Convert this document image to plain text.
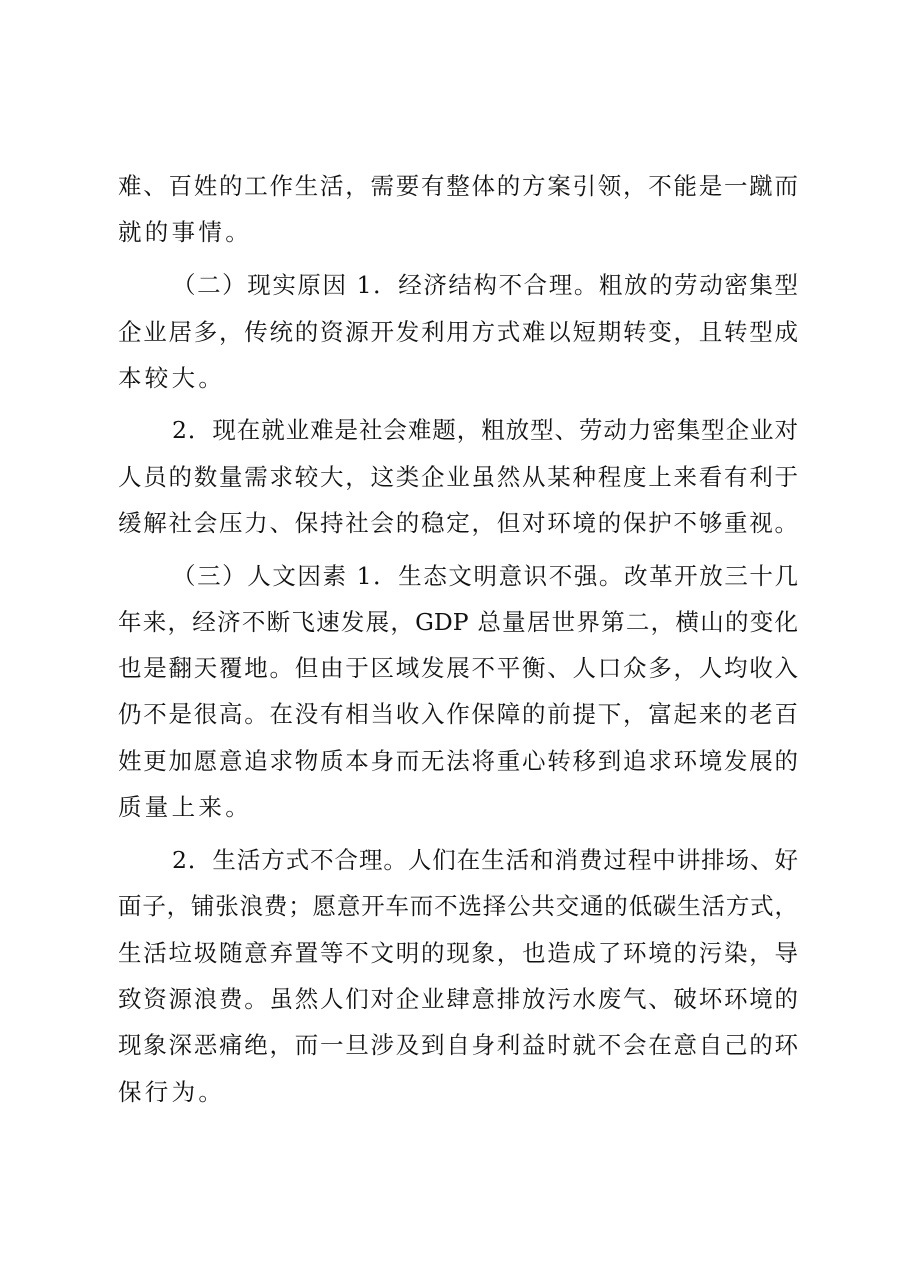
难、百姓的工作生活，需要有整体的方案引领，不能是一蹴而
就的事情。
（二）现实原因 1．经济结构不合理。粗放的劳动密集型
企业居多，传统的资源开发利用方式难以短期转变，且转型成
本较大。
2．现在就业难是社会难题，粗放型、劳动力密集型企业对
人员的数量需求较大，这类企业虽然从某种程度上来看有利于
缓解社会压力、保持社会的稳定，但对环境的保护不够重视。
（三）人文因素 1．生态文明意识不强。改革开放三十几
年来，经济不断飞速发展，GDP 总量居世界第二，横山的变化
也是翻天覆地。但由于区域发展不平衡、人口众多，人均收入
仍不是很高。在没有相当收入作保障的前提下，富起来的老百
姓更加愿意追求物质本身而无法将重心转移到追求环境发展的
质量上来。
2．生活方式不合理。人们在生活和消费过程中讲排场、好
面子，铺张浪费；愿意开车而不选择公共交通的低碳生活方式，
生活垃圾随意弃置等不文明的现象，也造成了环境的污染，导
致资源浪费。虽然人们对企业肆意排放污水废气、破坏环境的
现象深恶痛绝，而一旦涉及到自身利益时就不会在意自己的环
保行为。
